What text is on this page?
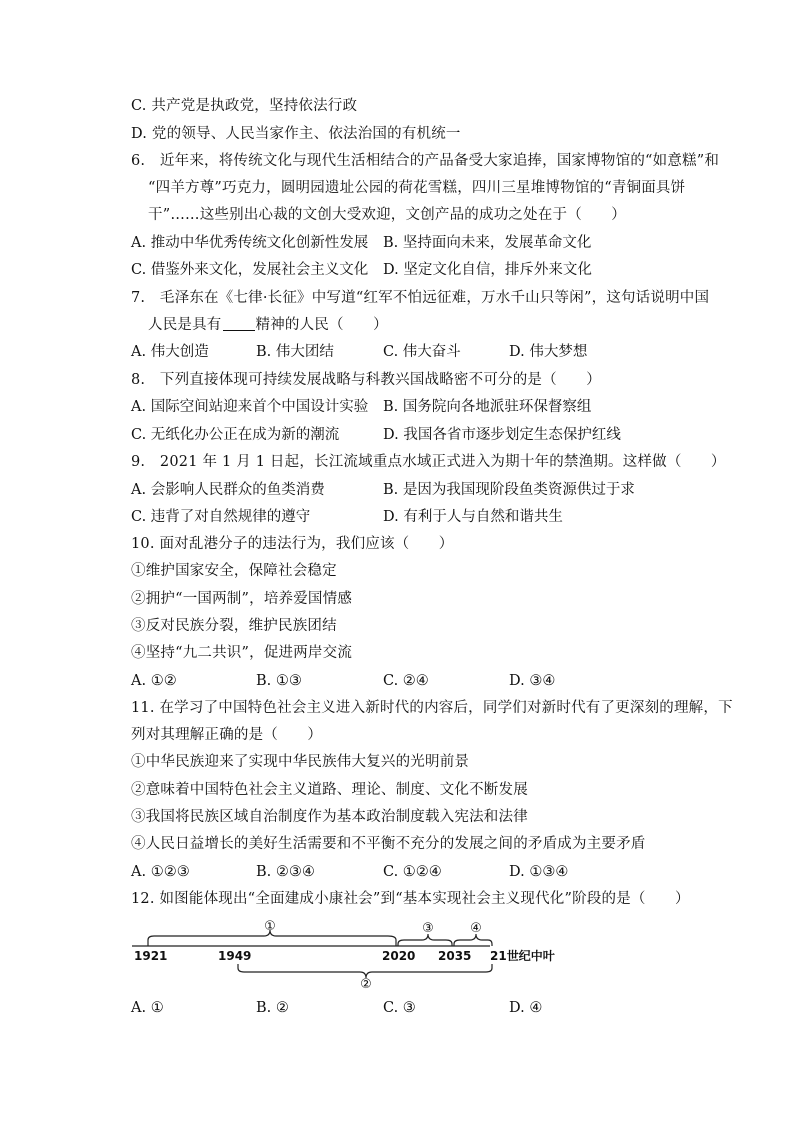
C. 共产党是执政党，坚持依法行政
D. 党的领导、人民当家作主、依法治国的有机统一
6.　近年来，将传统文化与现代生活相结合的产品备受大家追捧，国家博物馆的“如意糕”和
“四羊方尊”巧克力，圆明园遗址公园的荷花雪糕，四川三星堆博物馆的“青铜面具饼
干”……这些别出心裁的文创大受欢迎，文创产品的成功之处在于（　　）
A. 推动中华优秀传统文化创新性发展 B. 坚持面向未来，发展革命文化
C. 借鉴外来文化，发展社会主义文化 D. 坚定文化自信，排斥外来文化
7.　毛泽东在《七律·长征》中写道“红军不怕远征难，万水千山只等闲”，这句话说明中国
人民是具有 精神的人民（　　）
A. 伟大创造	B. 伟大团结	C. 伟大奋斗	D. 伟大梦想
8.　下列直接体现可持续发展战略与科教兴国战略密不可分的是（　　）
A. 国际空间站迎来首个中国设计实验 B. 国务院向各地派驻环保督察组
C. 无纸化办公正在成为新的潮流	D. 我国各省市逐步划定生态保护红线
9.　2021 年 1 月 1 日起，长江流域重点水域正式进入为期十年的禁渔期。这样做（　　）
A. 会影响人民群众的鱼类消费	B. 是因为我国现阶段鱼类资源供过于求
C. 违背了对自然规律的遵守	D. 有利于人与自然和谐共生
10. 面对乱港分子的违法行为，我们应该（　　）
①维护国家安全，保障社会稳定
②拥护“一国两制”，培养爱国情感
③反对民族分裂，维护民族团结
④坚持“九二共识”，促进两岸交流
A. ①②	B. ①③	C. ②④	D. ③④
11. 在学习了中国特色社会主义进入新时代的内容后，同学们对新时代有了更深刻的理解，下
列对其理解正确的是（　　）
①中华民族迎来了实现中华民族伟大复兴的光明前景
②意味着中国特色社会主义道路、理论、制度、文化不断发展
③我国将民族区域自治制度作为基本政治制度载入宪法和法律
④人民日益增长的美好生活需要和不平衡不充分的发展之间的矛盾成为主要矛盾
A. ①②③	B. ②③④	C. ①②④	D. ①③④
12. 如图能体现出“全面建成小康社会”到“基本实现社会主义现代化”阶段的是（　　）
①	③	④
1921	1949	2020 2035 21世纪中叶
②
A. ①	B. ②	C. ③	D. ④
